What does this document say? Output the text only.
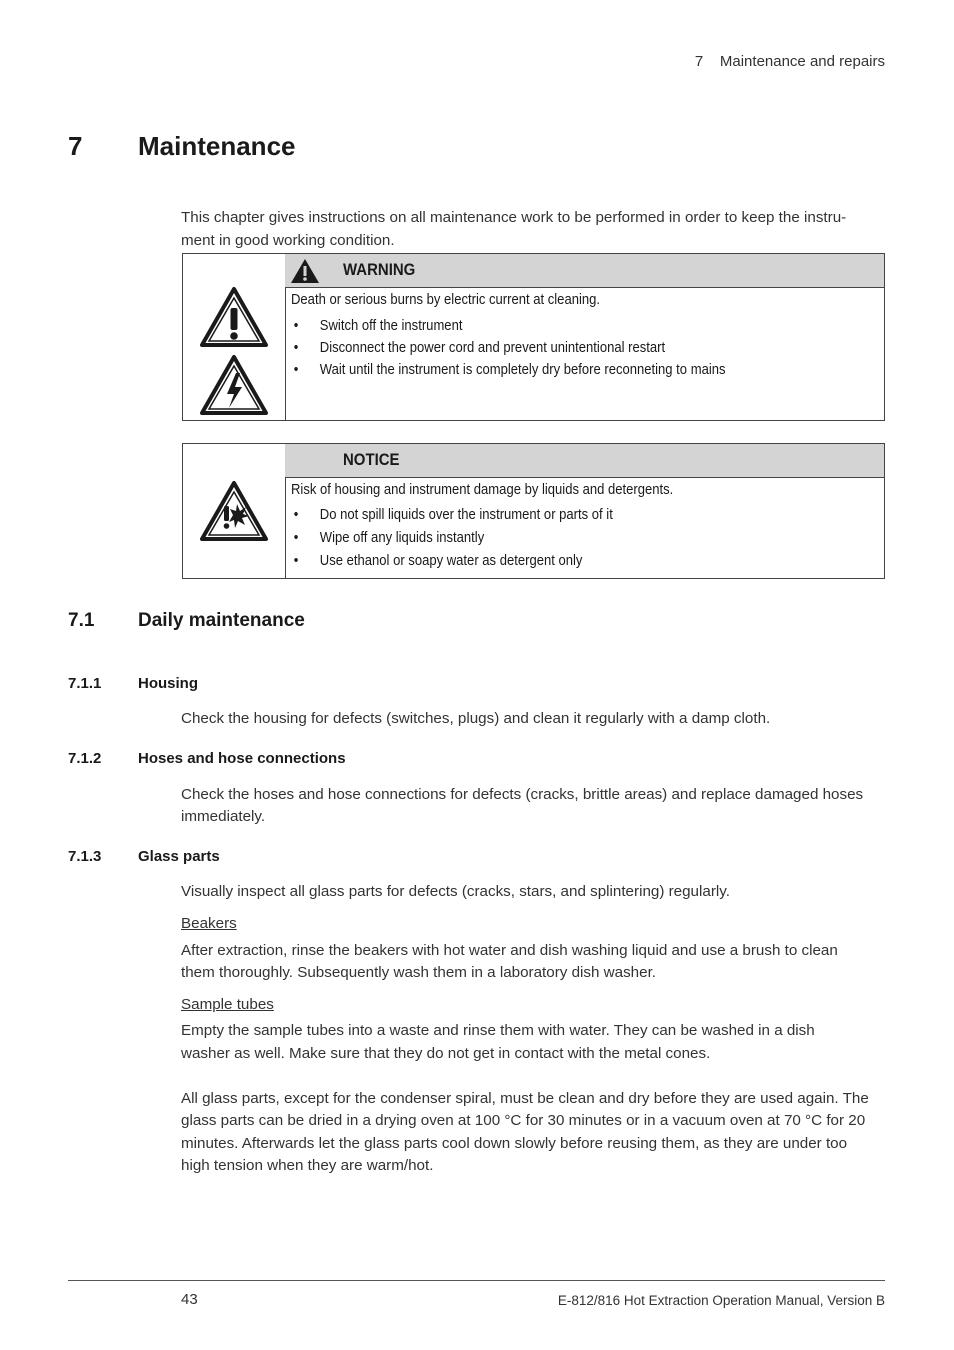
7    Maintenance and repairs
7 Maintenance
This chapter gives instructions on all maintenance work to be performed in order to keep the instru-ment in good working condition.
WARNING
Death or serious burns by electric current at cleaning.
• Switch off the instrument
• Disconnect the power cord and prevent unintentional restart
• Wait until the instrument is completely dry before reconneting to mains
NOTICE
Risk of housing and instrument damage by liquids and detergents.
• Do not spill liquids over the instrument or parts of it
• Wipe off any liquids instantly
• Use ethanol or soapy water as detergent only
7.1 Daily maintenance
7.1.1 Housing
Check the housing for defects (switches, plugs) and clean it regularly with a damp cloth.
7.1.2 Hoses and hose connections
Check the hoses and hose connections for defects (cracks, brittle areas) and replace damaged hoses
immediately.
7.1.3 Glass parts
Visually inspect all glass parts for defects (cracks, stars, and splintering) regularly.
Beakers
After extraction, rinse the beakers with hot water and dish washing liquid and use a brush to clean
them thoroughly. Subsequently wash them in a laboratory dish washer.
Sample tubes
Empty the sample tubes into a waste and rinse them with water. They can be washed in a dish
washer as well. Make sure that they do not get in contact with the metal cones.
All glass parts, except for the condenser spiral, must be clean and dry before they are used again. The
glass parts can be dried in a drying oven at 100 °C for 30 minutes or in a vacuum oven at 70 °C for 20
minutes. Afterwards let the glass parts cool down slowly before reusing them, as they are under too
high tension when they are warm/hot.
43	E-812/816 Hot Extraction Operation Manual, Version B
